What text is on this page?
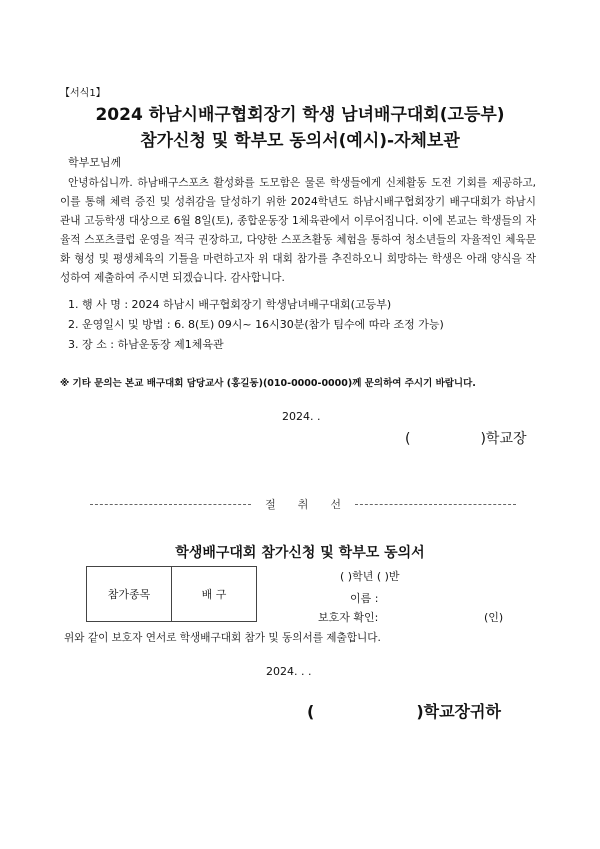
【서식1】
2024 하남시배구협회장기 학생 남녀배구대회(고등부)
참가신청 및 학부모 동의서(예시)-자체보관
학부모님께
안녕하십니까. 하남배구스포츠 활성화를 도모함은 물론 학생들에게 신체활동 도전 기회를 제공하고, 이를 통해 체력 증진 및 성취감을 달성하기 위한 2024학년도 하남시배구협회장기 배구대회가 하남시 관내 고등학생 대상으로 6월 8일(토), 종합운동장 1체육관에서 이루어집니다. 이에 본교는 학생들의 자율적 스포츠클럽 운영을 적극 권장하고, 다양한 스포츠활동 체험을 통하여 청소년들의 자율적인 체육문화 형성 및 평생체육의 기틀을 마련하고자 위 대회 참가를 추진하오니 희망하는 학생은 아래 양식을 작성하여 제출하여 주시면 되겠습니다. 감사합니다.
1. 행 사 명 : 2024 하남시 배구협회장기 학생남녀배구대회(고등부)
2. 운영일시 및 방법 : 6. 8(토) 09시~ 16시30분(참가 팀수에 따라 조정 가능)
3. 장 소 : 하남운동장 제1체육관
※ 기타 문의는 본교 배구대회 담당교사 (홍길동)(010-0000-0000)께 문의하여 주시기 바랍니다.
2024. .
(	)학교장
절취선
학생배구대회 참가신청 및 학부모 동의서
참가종목	배 구
( )학년 ( )반
이름 :
보호자 확인:	(인)
위와 같이 보호자 연서로 학생배구대회 참가 및 동의서를 제출합니다.
2024. . .
(	)학교장귀하
